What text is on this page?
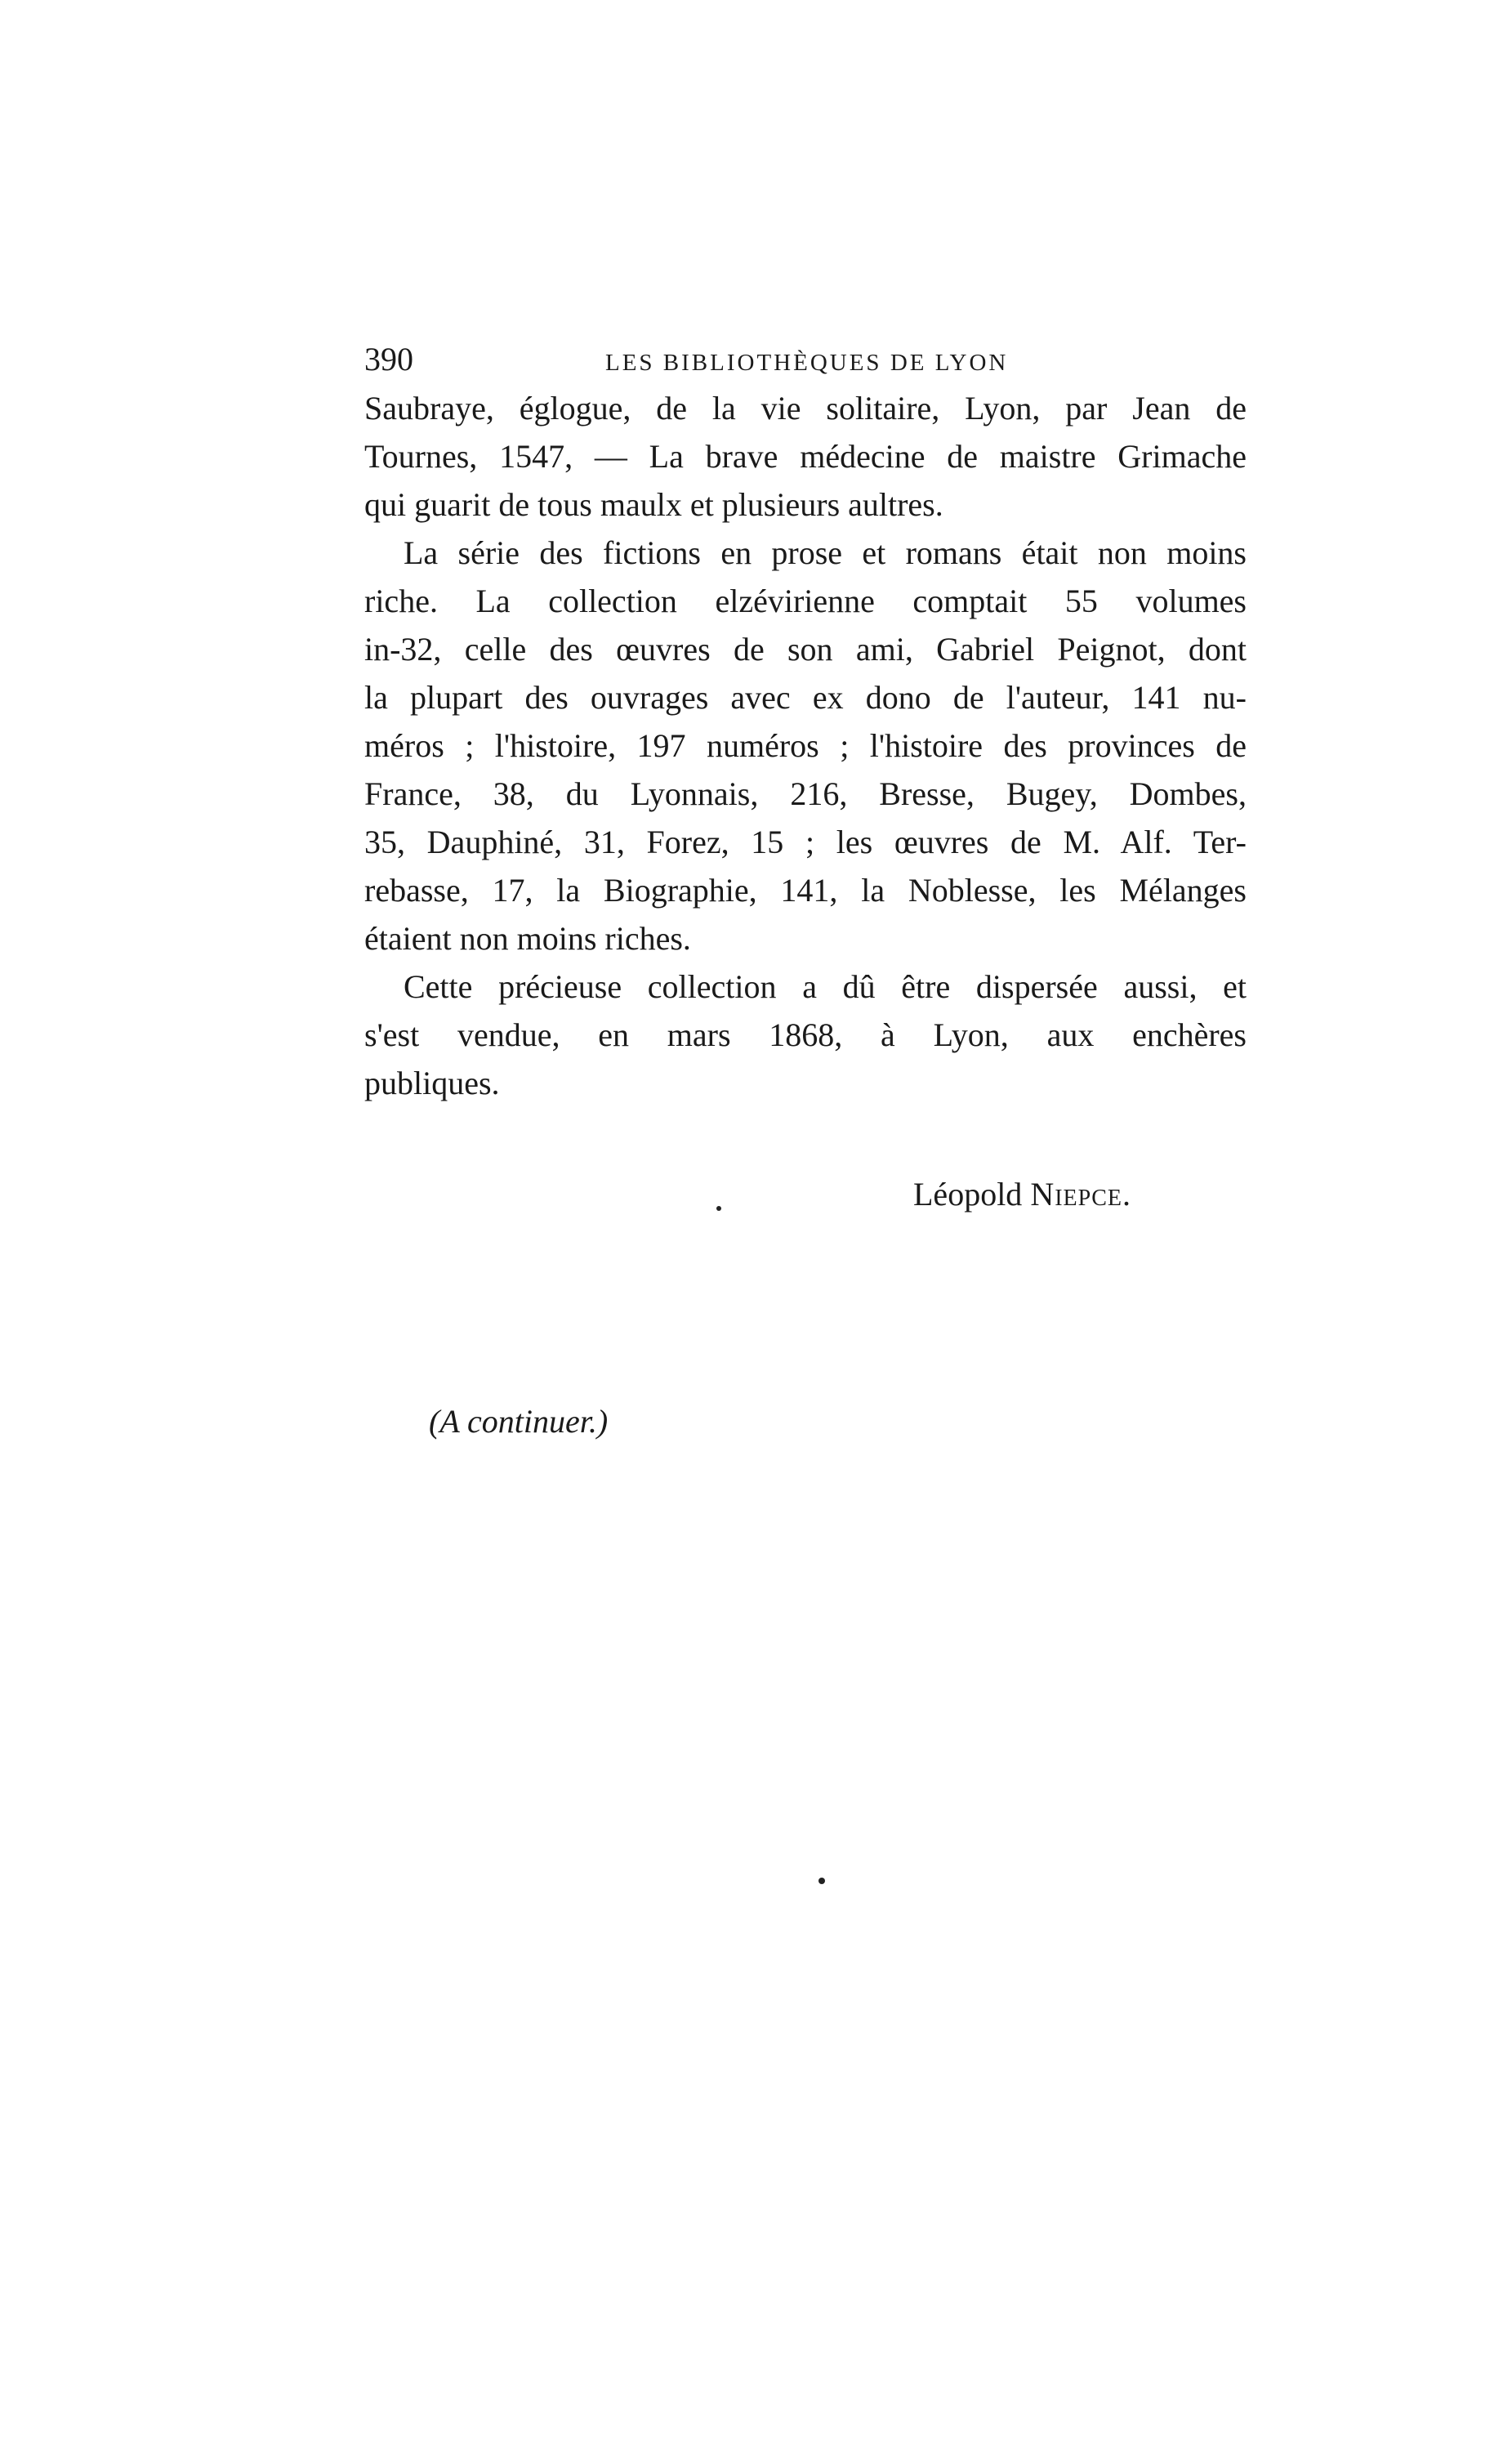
390	LES BIBLIOTHÈQUES DE LYON
Saubraye, églogue, de la vie solitaire, Lyon, par Jean de
Tournes, 1547, — La brave médecine de maistre Grimache
qui guarit de tous maulx et plusieurs aultres.
La série des fictions en prose et romans était non moins
riche. La collection elzévirienne comptait 55 volumes
in-32, celle des œuvres de son ami, Gabriel Peignot, dont
la plupart des ouvrages avec ex dono de l'auteur, 141 nu-
méros ; l'histoire, 197 numéros ; l'histoire des provinces de
France, 38, du Lyonnais, 216, Bresse, Bugey, Dombes,
35, Dauphiné, 31, Forez, 15 ; les œuvres de M. Alf. Ter-
rebasse, 17, la Biographie, 141, la Noblesse, les Mélanges
étaient non moins riches.
Cette précieuse collection a dû être dispersée aussi, et
s'est vendue, en mars 1868, à Lyon, aux enchères
publiques.
Léopold Niepce.
(A continuer.)
